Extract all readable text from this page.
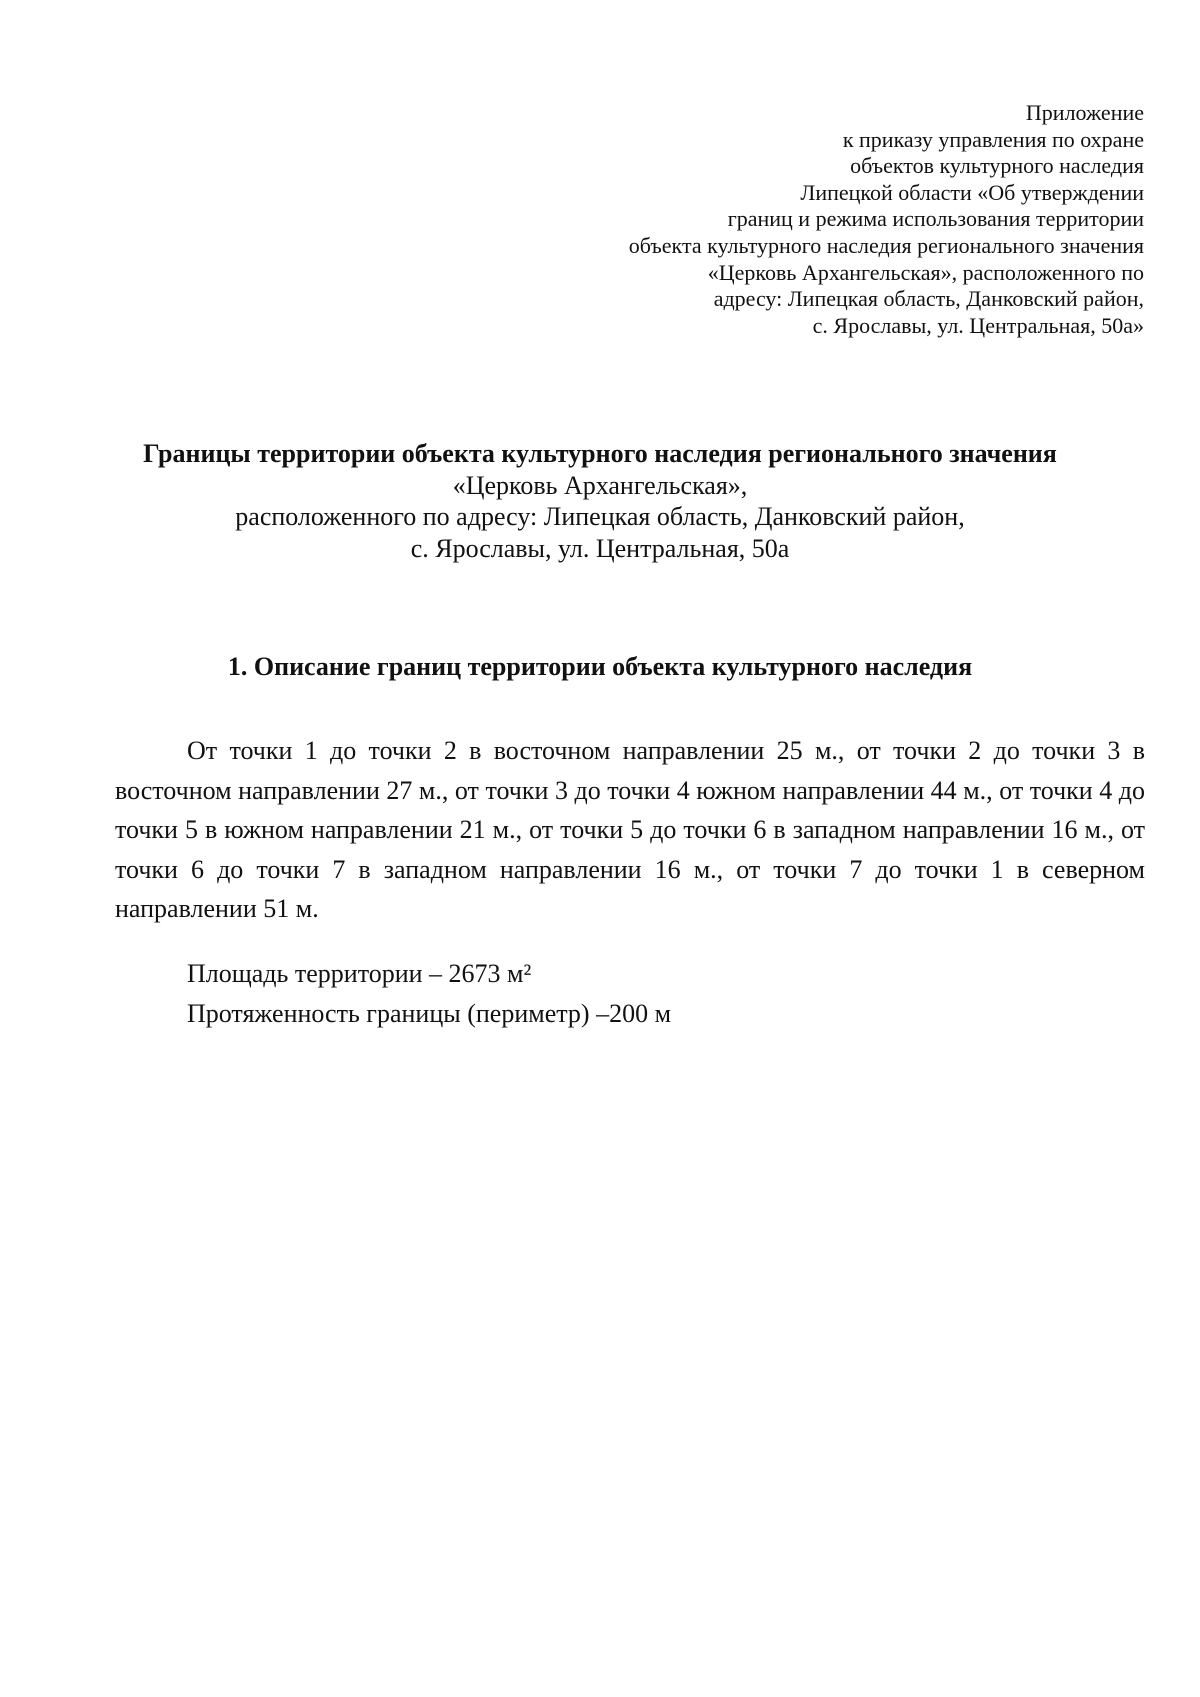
Приложение
к приказу управления по охране
объектов культурного наследия
Липецкой области «Об утверждении
границ и режима использования территории
объекта культурного наследия регионального значения
«Церковь Архангельская», расположенного по
адресу: Липецкая область, Данковский район,
с. Ярославы, ул. Центральная, 50а»
Границы территории объекта культурного наследия регионального значения
«Церковь Архангельская»,
расположенного по адресу: Липецкая область, Данковский район,
с. Ярославы, ул. Центральная, 50а
1. Описание границ территории объекта культурного наследия

От точки 1 до точки 2 в восточном направлении 25 м., от точки 2 до точки 3 в восточном направлении 27 м., от точки 3 до точки 4 южном направлении 44 м., от точки 4 до точки 5 в южном направлении 21 м., от точки 5 до точки 6 в западном направлении 16 м., от точки 6 до точки 7 в западном направлении 16 м., от точки 7 до точки 1 в северном направлении 51 м.

Площадь территории – 2673 м²
Протяженность границы (периметр) –200 м
